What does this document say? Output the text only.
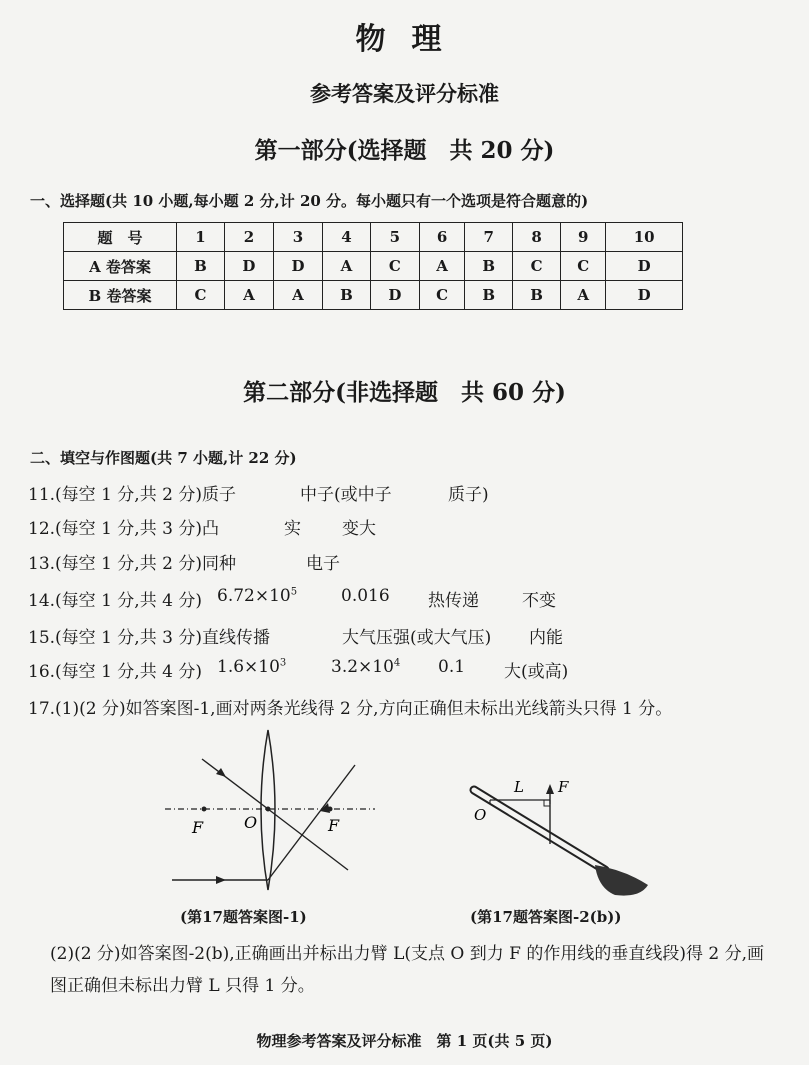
物理
参考答案及评分标准
第一部分(选择题　共 20 分)
一、选择题(共 10 小题,每小题 2 分,计 20 分。每小题只有一个选项是符合题意的)
题　号	1	2	3	4	5	6	7	8	9	10
A 卷答案	B	D	D	A	C	A	B	C	C	D
B 卷答案	C	A	A	B	D	C	B	B	A	D
第二部分(非选择题　共 60 分)
二、填空与作图题(共 7 小题,计 22 分)
11.(每空 1 分,共 2 分)质子	中子(或中子	质子)
12.(每空 1 分,共 3 分)凸	实 变大
13.(每空 1 分,共 2 分)同种	电子
14.(每空 1 分,共 4 分) $6.72\times 10^5$	0.016 热传递	不变
15.(每空 1 分,共 3 分)直线传播	大气压强(或大气压) 内能
16.(每空 1 分,共 4 分) $1.6\times 10^3$	$3.2\times 10^4$ 0.1 大(或高)
17.(1)(2 分)如答案图-1,画对两条光线得 2 分,方向正确但未标出光线箭头只得 1 分。
F	O	F
(第17题答案图-1)
L F
O
(第17题答案图-2(b))
(2)(2 分)如答案图-2(b),正确画出并标出力臂 L(支点 O 到力 F 的作用线的垂直线段)得 2 分,画图正确但未标出力臂 L 只得 1 分。
物理参考答案及评分标准　第 1 页(共 5 页)
